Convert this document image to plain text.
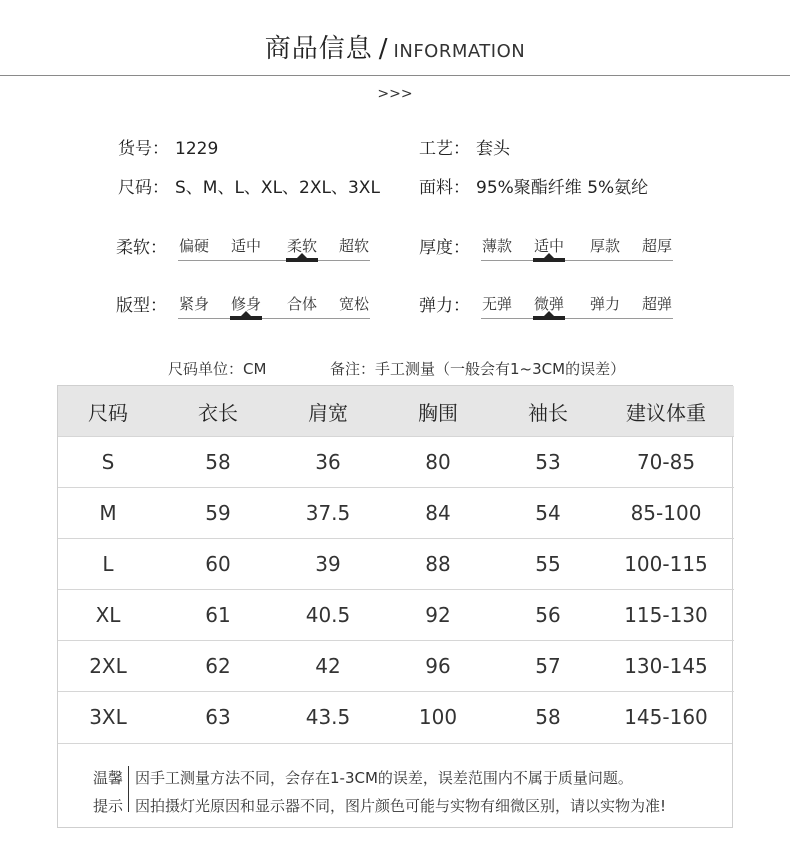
商品信息 / INFORMATION
>>>
货号： 1229
尺码： S、M、L、XL、2XL、3XL
工艺： 套头
面料： 95%聚酯纤维 5%氨纶
柔软： 偏硬	适中	柔软	超软	厚度： 薄款	适中	厚款	超厚
版型： 紧身	修身	合体	宽松	弹力： 无弹	微弹	弹力	超弹
尺码单位：CM	备注：手工测量（一般会有1~3CM的误差）
尺码	衣长	肩宽	胸围	袖长	建议体重
S	58	36	80	53	70-85
M	59	37.5	84	54	85-100
L	60	39	88	55	100-115
XL	61	40.5	92	56	115-130
2XL	62	42	96	57	130-145
3XL	63	43.5	100	58	145-160
温馨
提示
因手工测量方法不同，会存在1-3CM的误差，误差范围内不属于质量问题。
因拍摄灯光原因和显示器不同，图片颜色可能与实物有细微区别，请以实物为准!
